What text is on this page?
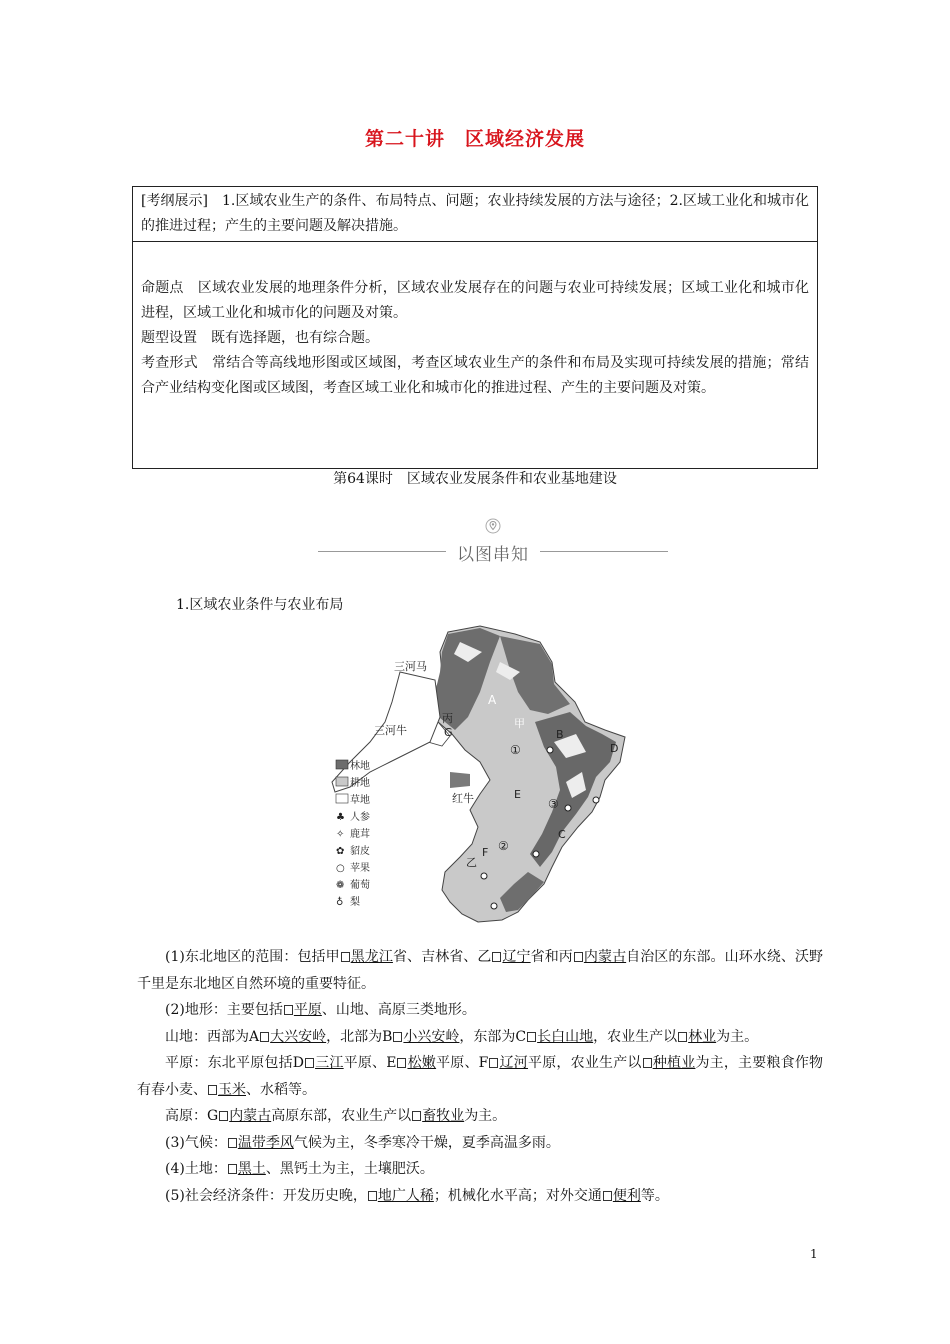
第二十讲　区域经济发展

[考纲展示]　1.区域农业生产的条件、布局特点、问题；农业持续发展的方法与途径；2.区域工业化和城市化的推进过程；产生的主要问题及解决措施。

命题点　区域农业发展的地理条件分析，区域农业发展存在的问题与农业可持续发展；区域工业化和城市化进程，区域工业化和城市化的问题及对策。

题型设置　既有选择题，也有综合题。

考查形式　常结合等高线地形图或区域图，考查区域农业生产的条件和布局及实现可持续发展的措施；常结合产业结构变化图或区域图，考查区域工业化和城市化的推进过程、产生的主要问题及对策。

第64课时　区域农业发展条件和农业基地建设
以图串知
1.区域农业条件与农业布局
三河马
三河牛
丙
G
A
甲
B
D
①
③
②
E
C
F
乙
红牛
林地
耕地
草地
♣ 人参
✧ 鹿茸
✿ 貂皮
○ 苹果
❁ 葡萄
♁ 梨

(1)东北地区的范围：包括甲 黑龙江省、吉林省、乙 辽宁省和丙 内蒙古自治区的东部。山环水绕、沃野千里是东北地区自然环境的重要特征。

(2)地形：主要包括 平原、山地、高原三类地形。

山地：西部为A 大兴安岭，北部为B 小兴安岭，东部为C 长白山地，农业生产以 林业为主。

平原：东北平原包括D 三江平原、E 松嫩平原、F 辽河平原，农业生产以 种植业为主，主要粮食作物有春小麦、 玉米、水稻等。

高原：G 内蒙古高原东部，农业生产以 畜牧业为主。

(3)气候： 温带季风气候为主，冬季寒冷干燥，夏季高温多雨。

(4)土地： 黑土、黑钙土为主，土壤肥沃。

(5)社会经济条件：开发历史晚， 地广人稀；机械化水平高；对外交通 便利等。

1
